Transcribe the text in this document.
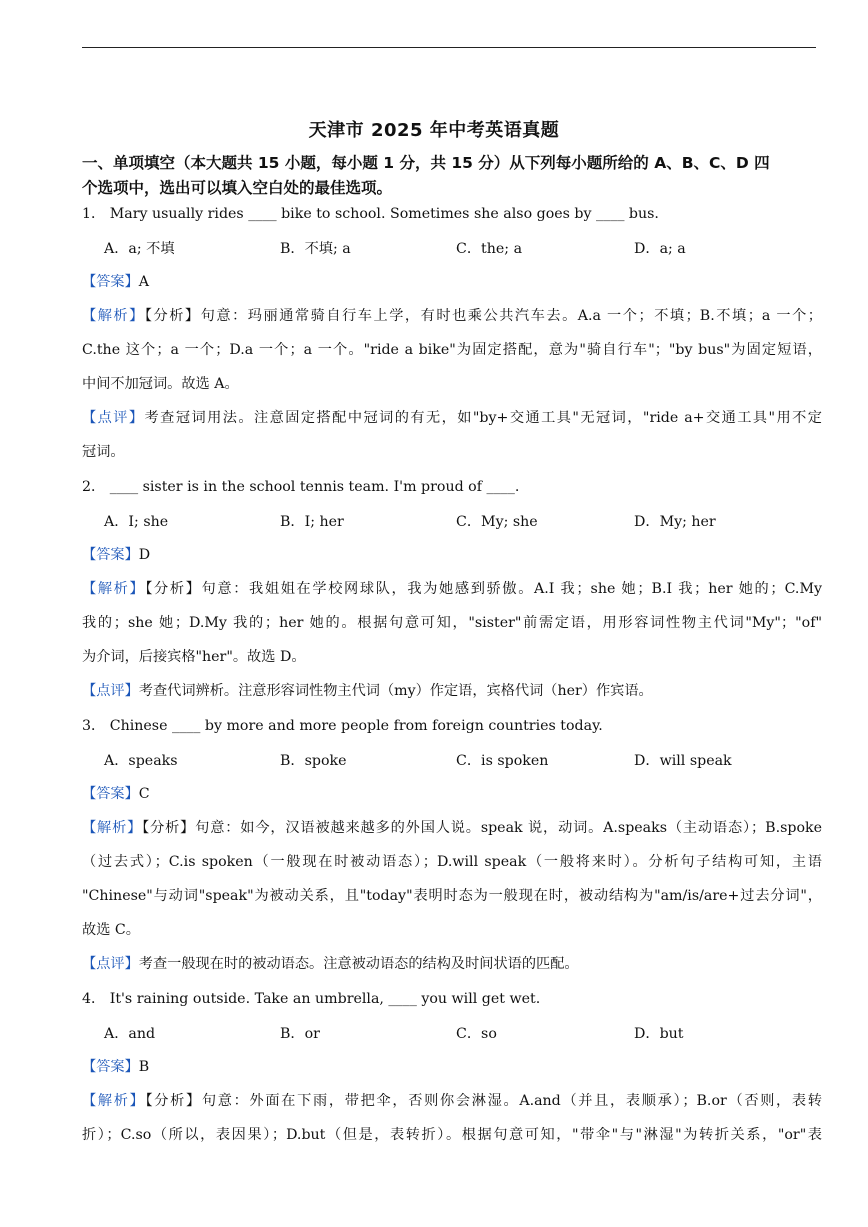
天津市 2025 年中考英语真题
一、单项填空（本大题共 15 小题，每小题 1 分，共 15 分）从下列每小题所给的 A、B、C、D 四
个选项中，选出可以填入空白处的最佳选项。
1． Mary usually rides ____ bike to school. Sometimes she also goes by ____ bus.
A．a; 不填	B．不填; a	C．the; a	D．a; a
【答案】A
【解析】【分析】句意：玛丽通常骑自行车上学，有时也乘公共汽车去。A.a 一个；不填；B.不填；a 一个；
C.the 这个；a 一个；D.a 一个；a 一个。"ride a bike"为固定搭配，意为"骑自行车"；"by bus"为固定短语，
中间不加冠词。故选 A。
【点评】考查冠词用法。注意固定搭配中冠词的有无，如"by+交通工具"无冠词，"ride a+交通工具"用不定
冠词。
2． ____ sister is in the school tennis team. I'm proud of ____.
A．I; she	B．I; her	C．My; she	D．My; her
【答案】D
【解析】【分析】句意：我姐姐在学校网球队，我为她感到骄傲。A.I 我；she 她；B.I 我；her 她的；C.My
我的；she 她；D.My 我的；her 她的。根据句意可知，"sister"前需定语，用形容词性物主代词"My"；"of"
为介词，后接宾格"her"。故选 D。
【点评】考查代词辨析。注意形容词性物主代词（my）作定语，宾格代词（her）作宾语。
3． Chinese ____ by more and more people from foreign countries today.
A．speaks	B．spoke	C．is spoken	D．will speak
【答案】C
【解析】【分析】句意：如今，汉语被越来越多的外国人说。speak 说，动词。A.speaks（主动语态）；B.spoke
（过去式）；C.is spoken（一般现在时被动语态）；D.will speak（一般将来时）。分析句子结构可知，主语
"Chinese"与动词"speak"为被动关系，且"today"表明时态为一般现在时，被动结构为"am/is/are+过去分词"，
故选 C。
【点评】考查一般现在时的被动语态。注意被动语态的结构及时间状语的匹配。
4． It's raining outside. Take an umbrella, ____ you will get wet.
A．and	B．or	C．so	D．but
【答案】B
【解析】【分析】句意：外面在下雨，带把伞，否则你会淋湿。A.and（并且，表顺承）；B.or（否则，表转
折）；C.so（所以，表因果）；D.but（但是，表转折）。根据句意可知，"带伞"与"淋湿"为转折关系，"or"表
